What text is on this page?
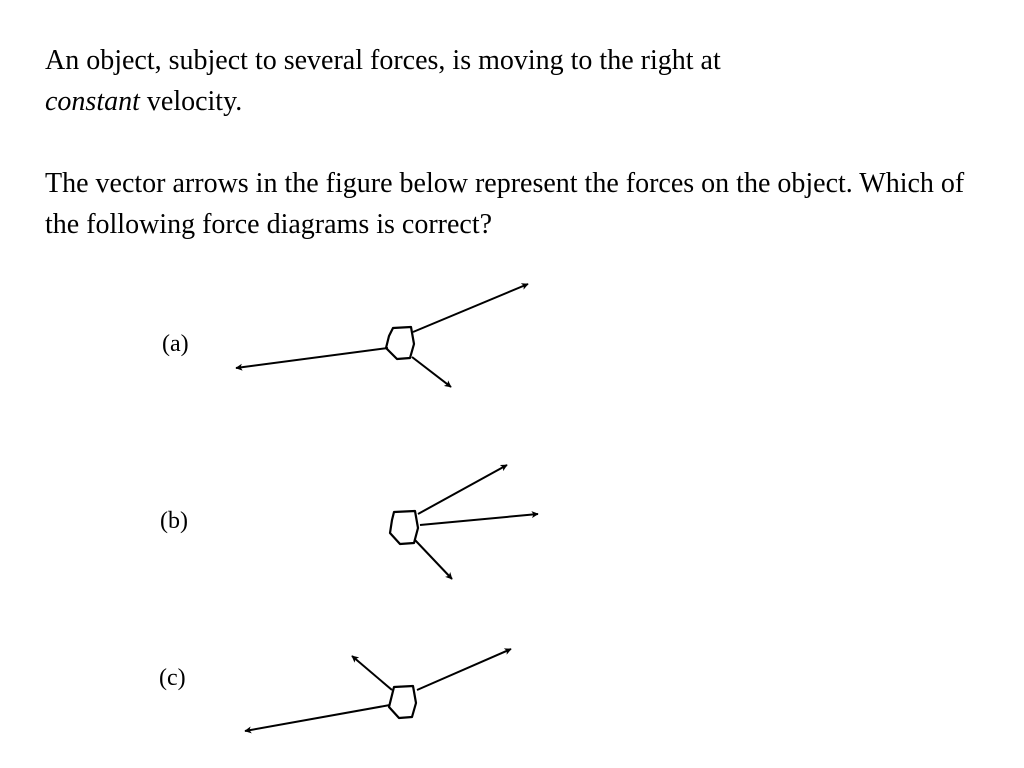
An object, subject to several forces, is moving to the right at
constant velocity.

The vector arrows in the figure below represent the forces on the object. Which of the following force diagrams is correct?

(a)
(b)
(c)
